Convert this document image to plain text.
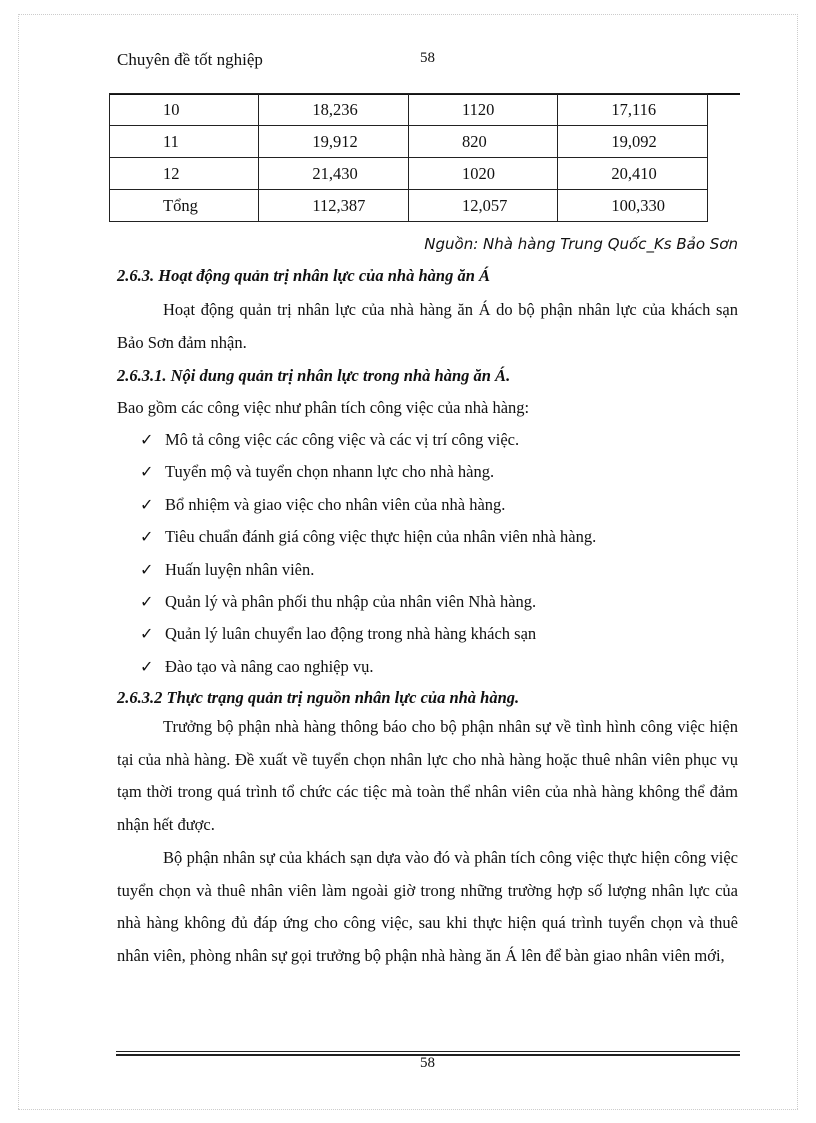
Chuyên đề tốt nghiệp	58
10	18,236	1120	17,116
11	19,912	820	19,092
12	21,430	1020	20,410
Tổng	112,387	12,057	100,330
Nguồn: Nhà hàng Trung Quốc_Ks Bảo Sơn
2.6.3. Hoạt động quản trị nhân lực của nhà hàng ăn Á

Hoạt động quản trị nhân lực của nhà hàng ăn Á do bộ phận nhân lực của khách sạn Bảo Sơn đảm nhận.

2.6.3.1. Nội dung quản trị nhân lực trong nhà hàng ăn Á.
Bao gồm các công việc như phân tích công việc của nhà hàng:
✓ Mô tả công việc các công việc và các vị trí công việc.
✓ Tuyển mộ và tuyển chọn nhann lực cho nhà hàng.
✓ Bổ nhiệm và giao việc cho nhân viên của nhà hàng.
✓ Tiêu chuẩn đánh giá công việc thực hiện của nhân viên nhà hàng.
✓ Huấn luyện nhân viên.
✓ Quản lý và phân phối thu nhập của nhân viên Nhà hàng.
✓ Quản lý luân chuyển lao động trong nhà hàng khách sạn
✓ Đào tạo và nâng cao nghiệp vụ.
2.6.3.2 Thực trạng quản trị nguồn nhân lực của nhà hàng.

Trưởng bộ phận nhà hàng thông báo cho bộ phận nhân sự về tình hình công việc hiện tại của nhà hàng. Đề xuất về tuyển chọn nhân lực cho nhà hàng hoặc thuê nhân viên phục vụ tạm thời trong quá trình tổ chức các tiệc mà toàn thể nhân viên của nhà hàng không thể đảm nhận hết được.

Bộ phận nhân sự của khách sạn dựa vào đó và phân tích công việc thực hiện công việc tuyển chọn và thuê nhân viên làm ngoài giờ trong những trường hợp số lượng nhân lực của nhà hàng không đủ đáp ứng cho công việc, sau khi thực hiện quá trình tuyển chọn và thuê nhân viên, phòng nhân sự gọi trưởng bộ phận nhà hàng ăn Á lên để bàn giao nhân viên mới,

58
